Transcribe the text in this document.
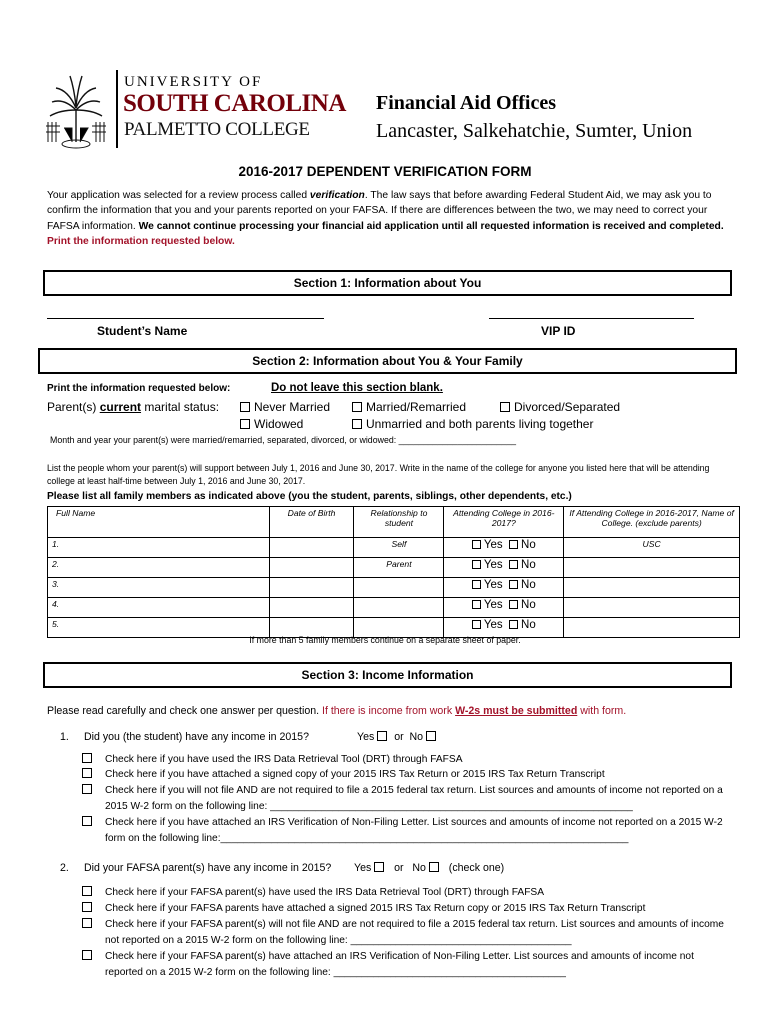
UNIVERSITY OF
SOUTH CAROLINA
PALMETTO COLLEGE
Financial Aid Offices
Lancaster, Salkehatchie, Sumter, Union
2016-2017 DEPENDENT VERIFICATION FORM
Your application was selected for a review process called verification. The law says that before awarding Federal Student Aid, we may ask you to confirm the information that you and your parents reported on your FAFSA. If there are differences between the two, we may need to correct your FAFSA information. We cannot continue processing your financial aid application until all requested information is received and completed. Print the information requested below.
Section 1: Information about You
Student’s Name	VIP ID
Section 2: Information about You & Your Family
Print the information requested below:	Do not leave this section blank.
Parent(s) current marital status:	Never Married	Married/Remarried	Divorced/Separated
Widowed	Unmarried and both parents living together
Month and year your parent(s) were married/remarried, separated, divorced, or widowed: ________________________
List the people whom your parent(s) will support between July 1, 2016 and June 30, 2017. Write in the name of the college for anyone you listed here that will be attending college at least half-time between July 1, 2016 and June 30, 2017.
Please list all family members as indicated above (you the student, parents, siblings, other dependents, etc.)
Full Name	Date of Birth	Relationship to student	Attending College in 2016-2017?	If Attending College in 2016-2017, Name of College. (exclude parents)
1.		Self	Yes No	USC
2.		Parent	Yes No	
3.			Yes No	
4.			Yes No	
5.			Yes No	
If more than 5 family members continue on a separate sheet of paper.
Section 3: Income Information
Please read carefully and check one answer per question. If there is income from work W-2s must be submitted with form.
1. Did you (the student) have any income in 2015?	Yes or No
Check here if you have used the IRS Data Retrieval Tool (DRT) through FAFSA
Check here if you have attached a signed copy of your 2015 IRS Tax Return or 2015 IRS Tax Return Transcript
Check here if you will not file AND are not required to file a 2015 federal tax return. List sources and amounts of income not reported on a 2015 W-2 form on the following line: ________________________________________________________________
Check here if you have attached an IRS Verification of Non-Filing Letter. List sources and amounts of income not reported on a 2015 W-2 form on the following line:________________________________________________________________________
2. Did your FAFSA parent(s) have any income in 2015? Yes or No (check one)
Check here if your FAFSA parent(s) have used the IRS Data Retrieval Tool (DRT) through FAFSA
Check here if your FAFSA parents have attached a signed 2015 IRS Tax Return copy or 2015 IRS Tax Return Transcript
Check here if your FAFSA parent(s) will not file AND are not required to file a 2015 federal tax return. List sources and amounts of income not reported on a 2015 W-2 form on the following line: _______________________________________
Check here if your FAFSA parent(s) have attached an IRS Verification of Non-Filing Letter. List sources and amounts of income not reported on a 2015 W-2 form on the following line: _________________________________________
